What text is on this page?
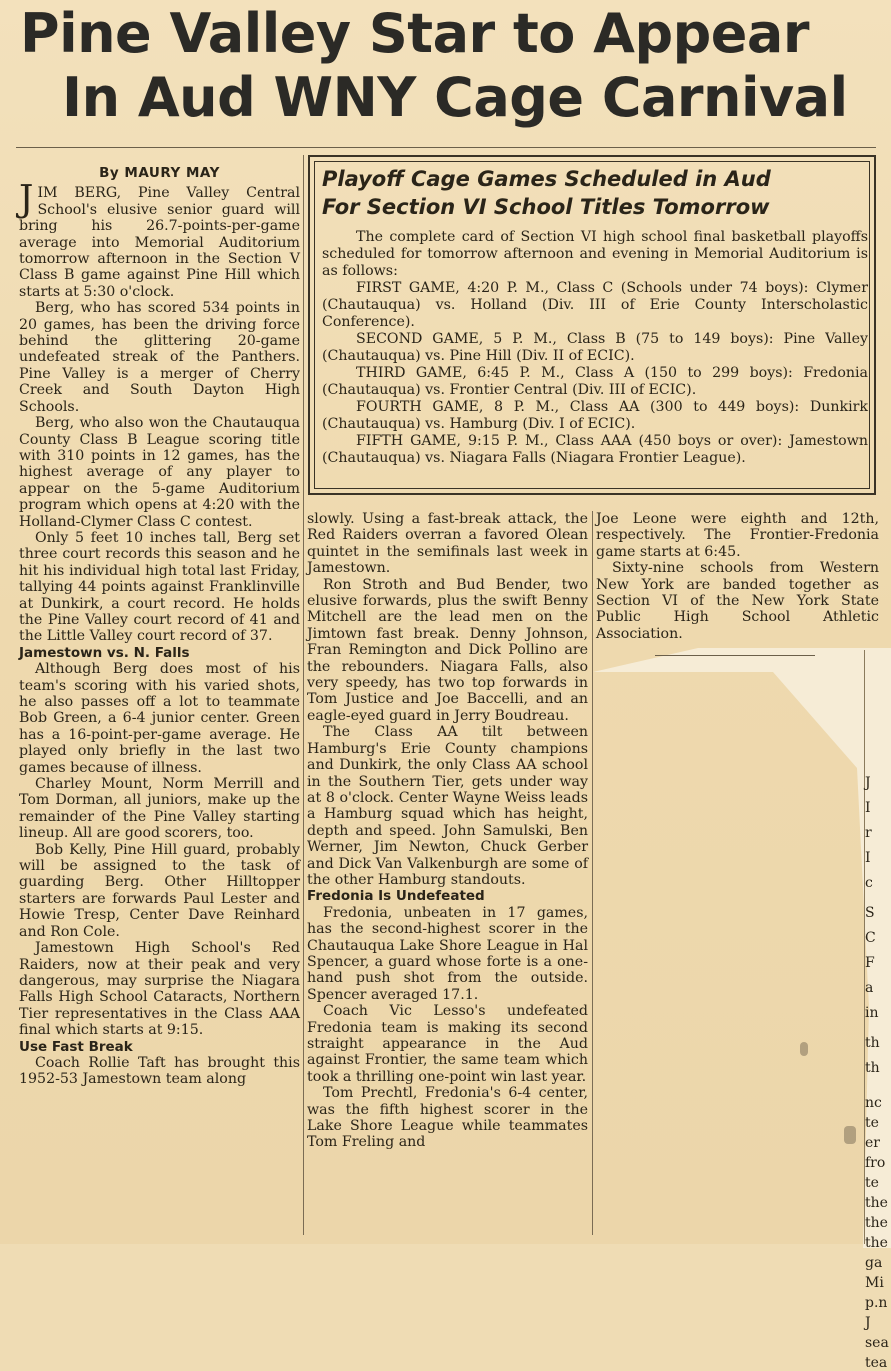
Pine Valley Star to Appear
In Aud WNY Cage Carnival
Playoff Cage Games Scheduled in Aud
For Section VI School Titles Tomorrow

The complete card of Section VI high school final basketball playoffs scheduled for tomorrow afternoon and evening in Memorial Auditorium is as follows:

FIRST GAME, 4:20 P. M., Class C (Schools under 74 boys): Clymer (Chautauqua) vs. Holland (Div. III of Erie County Interscholastic Conference).

SECOND GAME, 5 P. M., Class B (75 to 149 boys): Pine Valley (Chautauqua) vs. Pine Hill (Div. II of ECIC).

THIRD GAME, 6:45 P. M., Class A (150 to 299 boys): Fredonia (Chautauqua) vs. Frontier Central (Div. III of ECIC).

FOURTH GAME, 8 P. M., Class AA (300 to 449 boys): Dunkirk (Chautauqua) vs. Hamburg (Div. I of ECIC).

FIFTH GAME, 9:15 P. M., Class AAA (450 boys or over): Jamestown (Chautauqua) vs. Niagara Falls (Niagara Frontier League).

By MAURY MAY

JIM BERG, Pine Valley Central School's elusive senior guard will bring his 26.7-points-per-game average into Memorial Auditorium tomorrow afternoon in the Section V Class B game against Pine Hill which starts at 5:30 o'clock.

Berg, who has scored 534 points in 20 games, has been the driving force behind the glittering 20-game undefeated streak of the Panthers. Pine Valley is a merger of Cherry Creek and South Dayton High Schools.

Berg, who also won the Chautauqua County Class B League scoring title with 310 points in 12 games, has the highest average of any player to appear on the 5-game Auditorium program which opens at 4:20 with the Holland-Clymer Class C contest.

Only 5 feet 10 inches tall, Berg set three court records this season and he hit his individual high total last Friday, tallying 44 points against Franklinville at Dunkirk, a court record. He holds the Pine Valley court record of 41 and the Little Valley court record of 37.

Jamestown vs. N. Falls

Although Berg does most of his team's scoring with his varied shots, he also passes off a lot to teammate Bob Green, a 6-4 junior center. Green has a 16-point-per-game average. He played only briefly in the last two games because of illness.

Charley Mount, Norm Merrill and Tom Dorman, all juniors, make up the remainder of the Pine Valley starting lineup. All are good scorers, too.

Bob Kelly, Pine Hill guard, probably will be assigned to the task of guarding Berg. Other Hilltopper starters are forwards Paul Lester and Howie Tresp, Center Dave Reinhard and Ron Cole.

Jamestown High School's Red Raiders, now at their peak and very dangerous, may surprise the Niagara Falls High School Cataracts, Northern Tier representatives in the Class AAA final which starts at 9:15.

Use Fast Break

Coach Rollie Taft has brought this 1952-53 Jamestown team along

slowly. Using a fast-break attack, the Red Raiders overran a favored Olean quintet in the semifinals last week in Jamestown.

Ron Stroth and Bud Bender, two elusive forwards, plus the swift Benny Mitchell are the lead men on the Jimtown fast break. Denny Johnson, Fran Remington and Dick Pollino are the rebounders. Niagara Falls, also very speedy, has two top forwards in Tom Justice and Joe Baccelli, and an eagle-eyed guard in Jerry Boudreau.

The Class AA tilt between Hamburg's Erie County champions and Dunkirk, the only Class AA school in the Southern Tier, gets under way at 8 o'clock. Center Wayne Weiss leads a Hamburg squad which has height, depth and speed. John Samulski, Ben Werner, Jim Newton, Chuck Gerber and Dick Van Valkenburgh are some of the other Hamburg standouts.

Fredonia Is Undefeated

Fredonia, unbeaten in 17 games, has the second-highest scorer in the Chautauqua Lake Shore League in Hal Spencer, a guard whose forte is a one-hand push shot from the outside. Spencer averaged 17.1.

Coach Vic Lesso's undefeated Fredonia team is making its second straight appearance in the Aud against Frontier, the same team which took a thrilling one-point win last year.

Tom Prechtl, Fredonia's 6-4 center, was the fifth highest scorer in the Lake Shore League while teammates Tom Freling and

Joe Leone were eighth and 12th, respectively. The Frontier-Fredonia game starts at 6:45.

Sixty-nine schools from Western New York are banded together as Section VI of the New York State Public High School Athletic Association.

J
I
r
I
c
S
C
F
a
in
th
th
nc
te
er
fro
te
the
the
the
ga
Mi
p.n
J
sea
tea
